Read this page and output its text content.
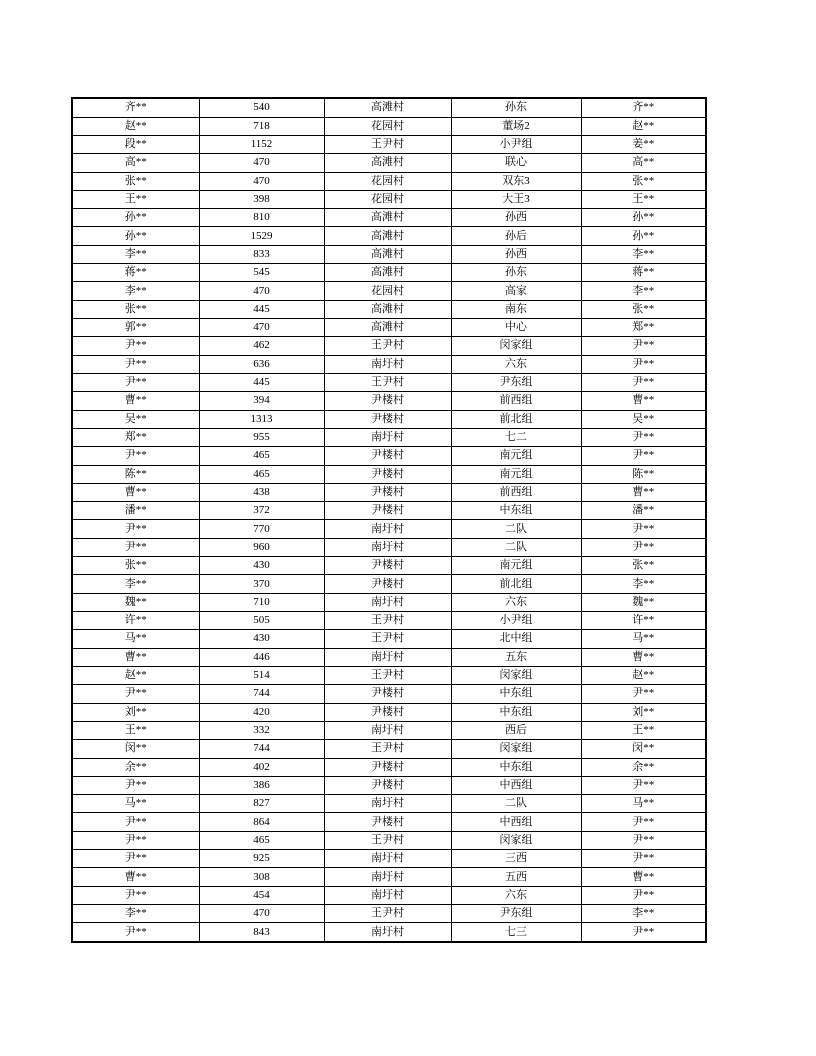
齐**	540	高滩村	孙东	齐**
赵**	718	花园村	董场2	赵**
段**	1152	王尹村	小尹组	姜**
高**	470	高滩村	联心	高**
张**	470	花园村	双东3	张**
王**	398	花园村	大王3	王**
孙**	810	高滩村	孙西	孙**
孙**	1529	高滩村	孙后	孙**
李**	833	高滩村	孙西	李**
蒋**	545	高滩村	孙东	蒋**
李**	470	花园村	高家	李**
张**	445	高滩村	南东	张**
郭**	470	高滩村	中心	郑**
尹**	462	王尹村	闵家组	尹**
尹**	636	南圩村	六东	尹**
尹**	445	王尹村	尹东组	尹**
曹**	394	尹楼村	前西组	曹**
吴**	1313	尹楼村	前北组	吴**
郑**	955	南圩村	七二	尹**
尹**	465	尹楼村	南元组	尹**
陈**	465	尹楼村	南元组	陈**
曹**	438	尹楼村	前西组	曹**
潘**	372	尹楼村	中东组	潘**
尹**	770	南圩村	二队	尹**
尹**	960	南圩村	二队	尹**
张**	430	尹楼村	南元组	张**
李**	370	尹楼村	前北组	李**
魏**	710	南圩村	六东	魏**
许**	505	王尹村	小尹组	许**
马**	430	王尹村	北中组	马**
曹**	446	南圩村	五东	曹**
赵**	514	王尹村	闵家组	赵**
尹**	744	尹楼村	中东组	尹**
刘**	420	尹楼村	中东组	刘**
王**	332	南圩村	西后	王**
闵**	744	王尹村	闵家组	闵**
余**	402	尹楼村	中东组	余**
尹**	386	尹楼村	中西组	尹**
马**	827	南圩村	二队	马**
尹**	864	尹楼村	中西组	尹**
尹**	465	王尹村	闵家组	尹**
尹**	925	南圩村	三西	尹**
曹**	308	南圩村	五西	曹**
尹**	454	南圩村	六东	尹**
李**	470	王尹村	尹东组	李**
尹**	843	南圩村	七三	尹**
